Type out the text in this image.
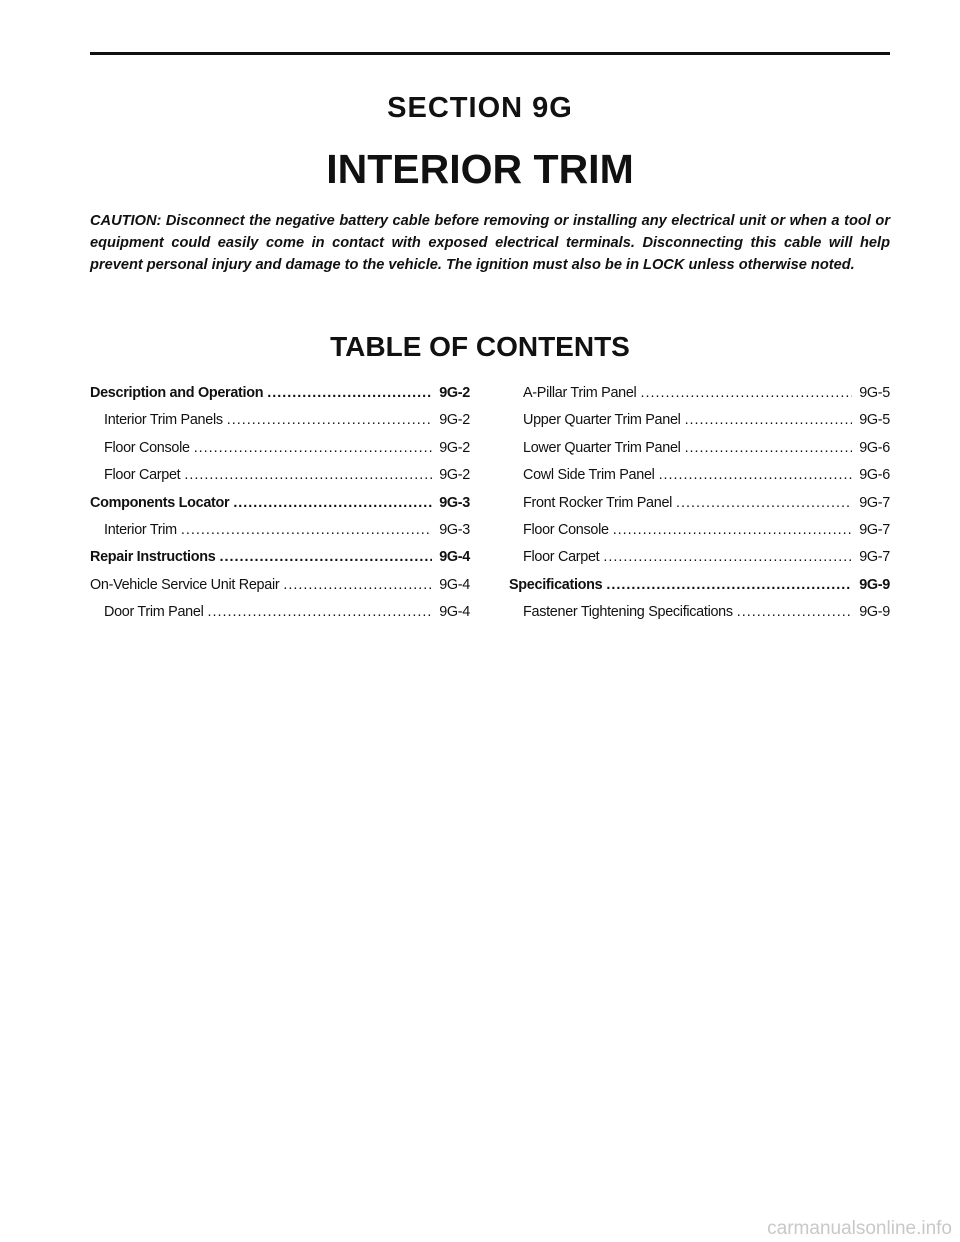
SECTION 9G
INTERIOR TRIM

CAUTION: Disconnect the negative battery cable before removing or installing any electrical unit or when a tool or equipment could easily come in contact with exposed electrical terminals. Disconnecting this cable will help prevent personal injury and damage to the vehicle. The ignition must also be in LOCK unless otherwise noted.

TABLE OF CONTENTS
Description and Operation .....	9G-2
Interior Trim Panels .....	9G-2
Floor Console .....	9G-2
Floor Carpet .....	9G-2
Components Locator .....	9G-3
Interior Trim .....	9G-3
Repair Instructions .....	9G-4
On-Vehicle Service Unit Repair .....	9G-4
Door Trim Panel .....	9G-4
A-Pillar Trim Panel .....	9G-5
Upper Quarter Trim Panel .....	9G-5
Lower Quarter Trim Panel .....	9G-6
Cowl Side Trim Panel .....	9G-6
Front Rocker Trim Panel .....	9G-7
Floor Console .....	9G-7
Floor Carpet .....	9G-7
Specifications .....	9G-9
Fastener Tightening Specifications .....	9G-9
carmanualsonline.info
